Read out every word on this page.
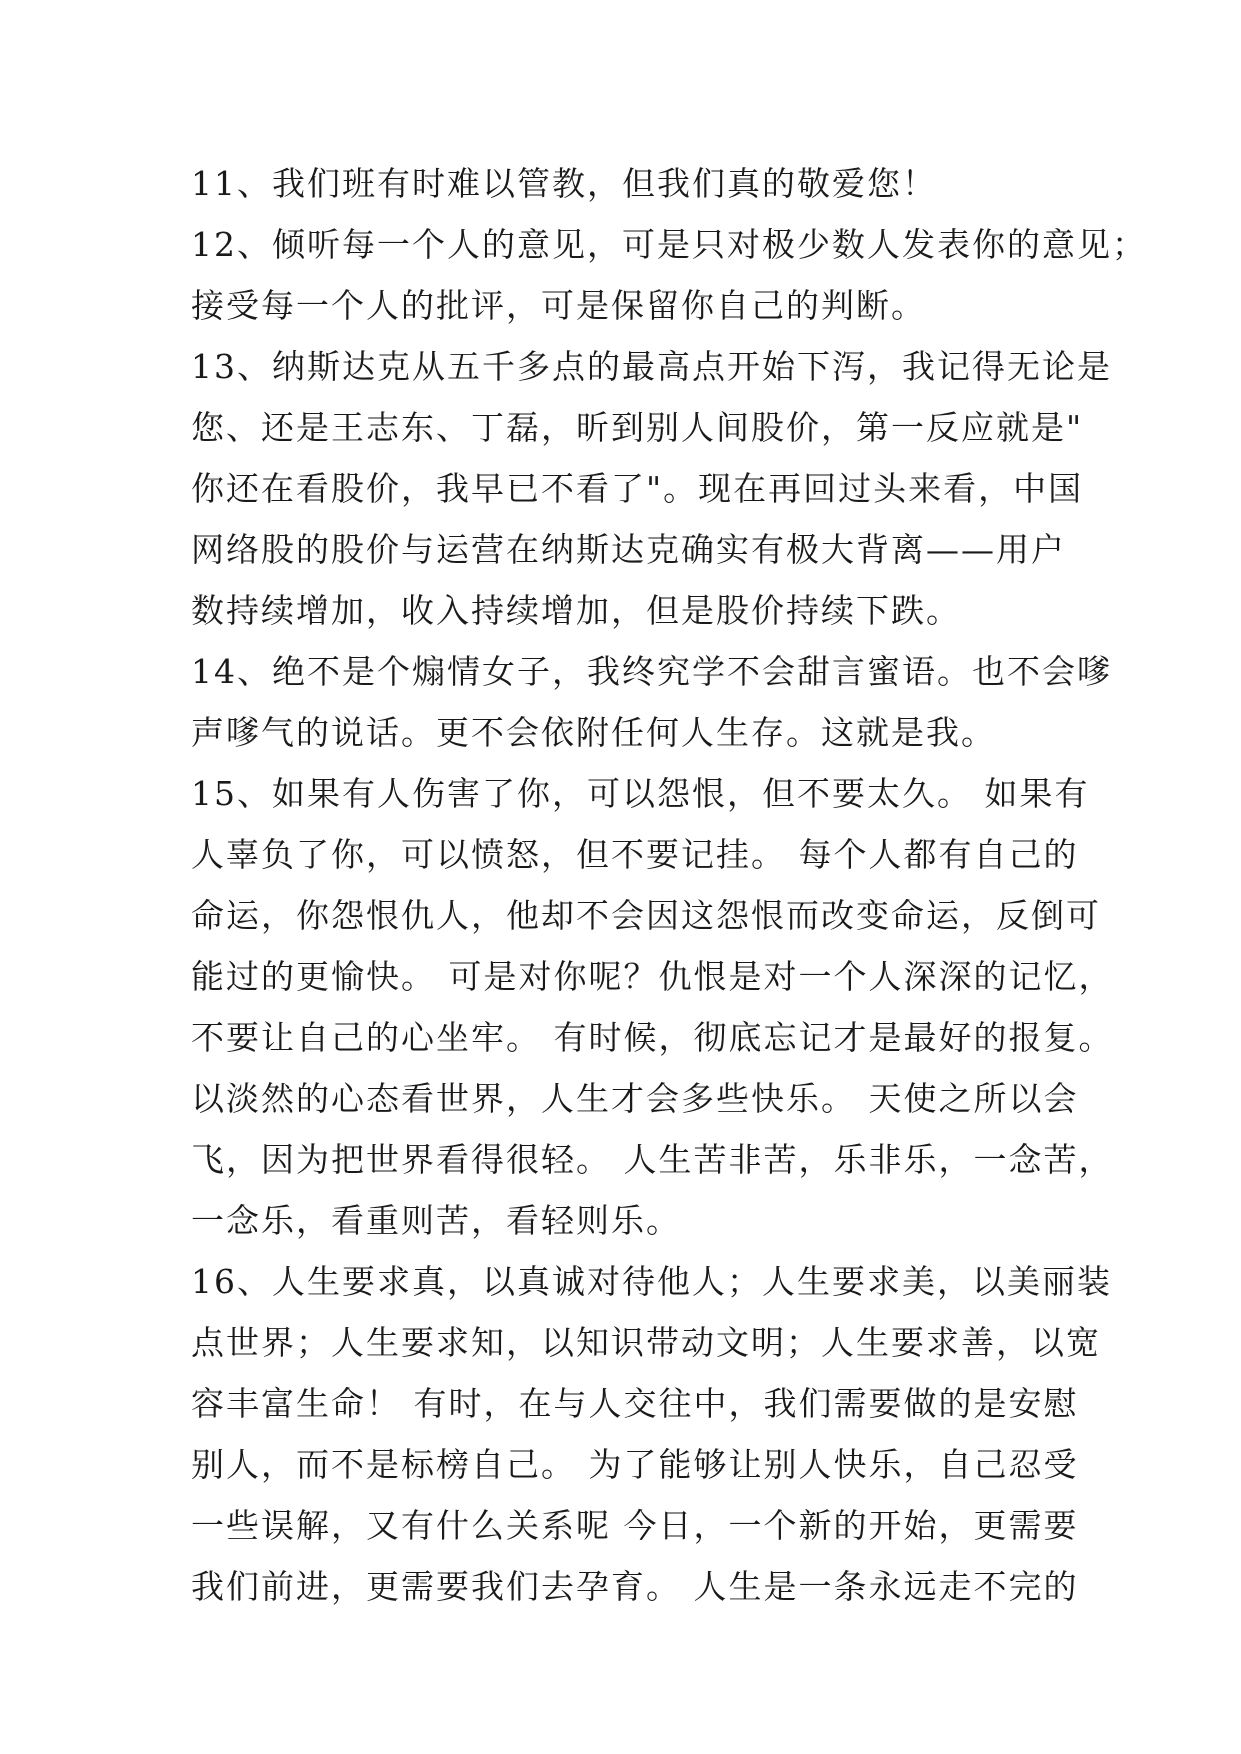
11、我们班有时难以管教，但我们真的敬爱您！
12、倾听每一个人的意见，可是只对极少数人发表你的意见；
接受每一个人的批评，可是保留你自己的判断。
13、纳斯达克从五千多点的最高点开始下泻，我记得无论是
您、还是王志东、丁磊，昕到别人间股价，第一反应就是"
你还在看股价，我早已不看了"。现在再回过头来看，中国
网络股的股价与运营在纳斯达克确实有极大背离——用户
数持续增加，收入持续增加，但是股价持续下跌。
14、绝不是个煽情女子，我终究学不会甜言蜜语。也不会嗲
声嗲气的说话。更不会依附任何人生存。这就是我。
15、如果有人伤害了你，可以怨恨，但不要太久。 如果有
人辜负了你，可以愤怒，但不要记挂。 每个人都有自己的
命运，你怨恨仇人，他却不会因这怨恨而改变命运，反倒可
能过的更愉快。 可是对你呢？仇恨是对一个人深深的记忆，
不要让自己的心坐牢。 有时候，彻底忘记才是最好的报复。
以淡然的心态看世界，人生才会多些快乐。 天使之所以会
飞，因为把世界看得很轻。 人生苦非苦，乐非乐，一念苦，
一念乐，看重则苦，看轻则乐。
16、人生要求真，以真诚对待他人；人生要求美，以美丽装
点世界；人生要求知，以知识带动文明；人生要求善，以宽
容丰富生命！ 有时，在与人交往中，我们需要做的是安慰
别人，而不是标榜自己。 为了能够让别人快乐，自己忍受
一些误解，又有什么关系呢 今日，一个新的开始，更需要
我们前进，更需要我们去孕育。 人生是一条永远走不完的
